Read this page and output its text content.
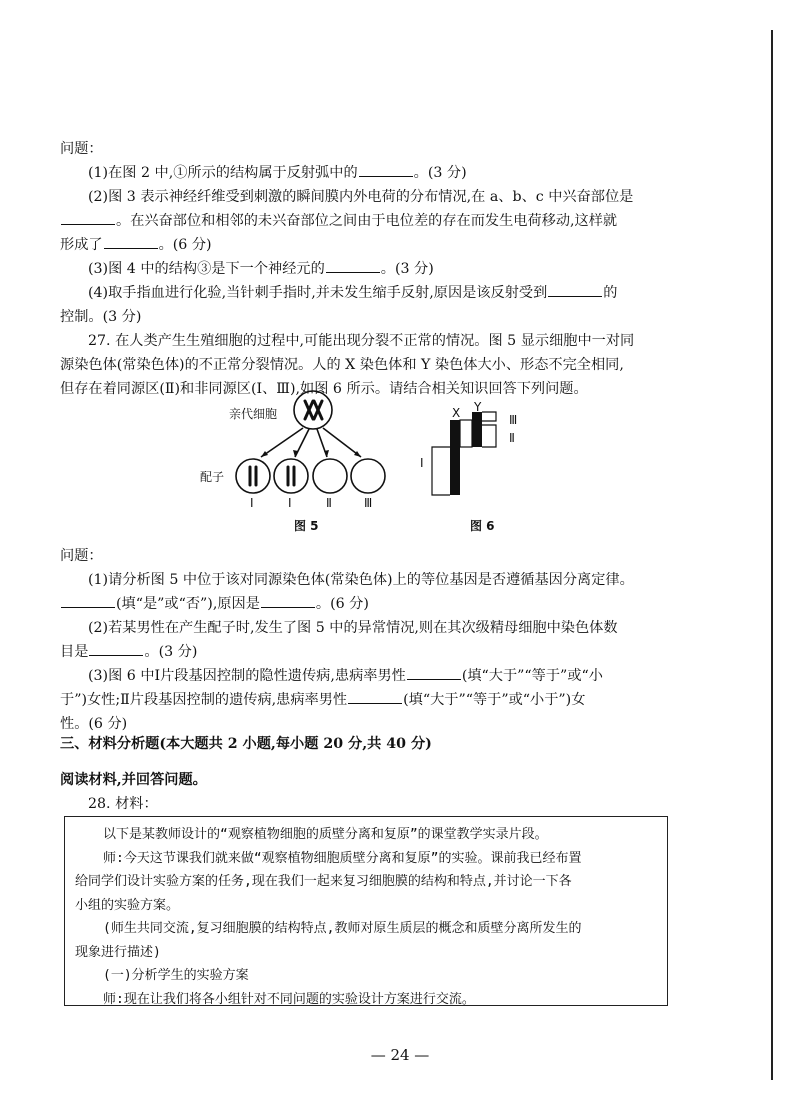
问题：

(1)在图 2 中,①所示的结构属于反射弧中的	。(3 分)

(2)图 3 表示神经纤维受到刺激的瞬间膜内外电荷的分布情况,在 a、b、c 中兴奋部位是

。在兴奋部位和相邻的未兴奋部位之间由于电位差的存在而发生电荷移动,这样就

形成了	。(6 分)

(3)图 4 中的结构③是下一个神经元的	。(3 分)

(4)取手指血进行化验,当针刺手指时,并未发生缩手反射,原因是该反射受到	的

控制。(3 分)

27. 在人类产生生殖细胞的过程中,可能出现分裂不正常的情况。图 5 显示细胞中一对同

源染色体(常染色体)的不正常分裂情况。人的 X 染色体和 Y 染色体大小、形态不完全相同,

但存在着同源区(Ⅱ)和非同源区(Ⅰ、Ⅲ),如图 6 所示。请结合相关知识回答下列问题。

亲代细胞
配子
Ⅰ	Ⅰ	Ⅱ	Ⅲ
图 5
X Y
Ⅰ
Ⅱ
Ⅲ
图 6

问题：

(1)请分析图 5 中位于该对同源染色体(常染色体)上的等位基因是否遵循基因分离定律。

(填“是”或“否”),原因是	。(6 分)

(2)若某男性在产生配子时,发生了图 5 中的异常情况,则在其次级精母细胞中染色体数

目是	。(3 分)

(3)图 6 中Ⅰ片段基因控制的隐性遗传病,患病率男性	(填“大于”“等于”或“小

于”)女性;Ⅱ片段基因控制的遗传病,患病率男性	(填“大于”“等于”或“小于”)女

性。(6 分)

三、材料分析题(本大题共 2 小题,每小题 20 分,共 40 分)

阅读材料,并回答问题。

28. 材料：

以下是某教师设计的“观察植物细胞的质壁分离和复原”的课堂教学实录片段。

师:今天这节课我们就来做“观察植物细胞质壁分离和复原”的实验。课前我已经布置

给同学们设计实验方案的任务,现在我们一起来复习细胞膜的结构和特点,并讨论一下各

小组的实验方案。

(师生共同交流,复习细胞膜的结构特点,教师对原生质层的概念和质壁分离所发生的

现象进行描述)

(一)分析学生的实验方案

师:现在让我们将各小组针对不同问题的实验设计方案进行交流。

— 24 —
